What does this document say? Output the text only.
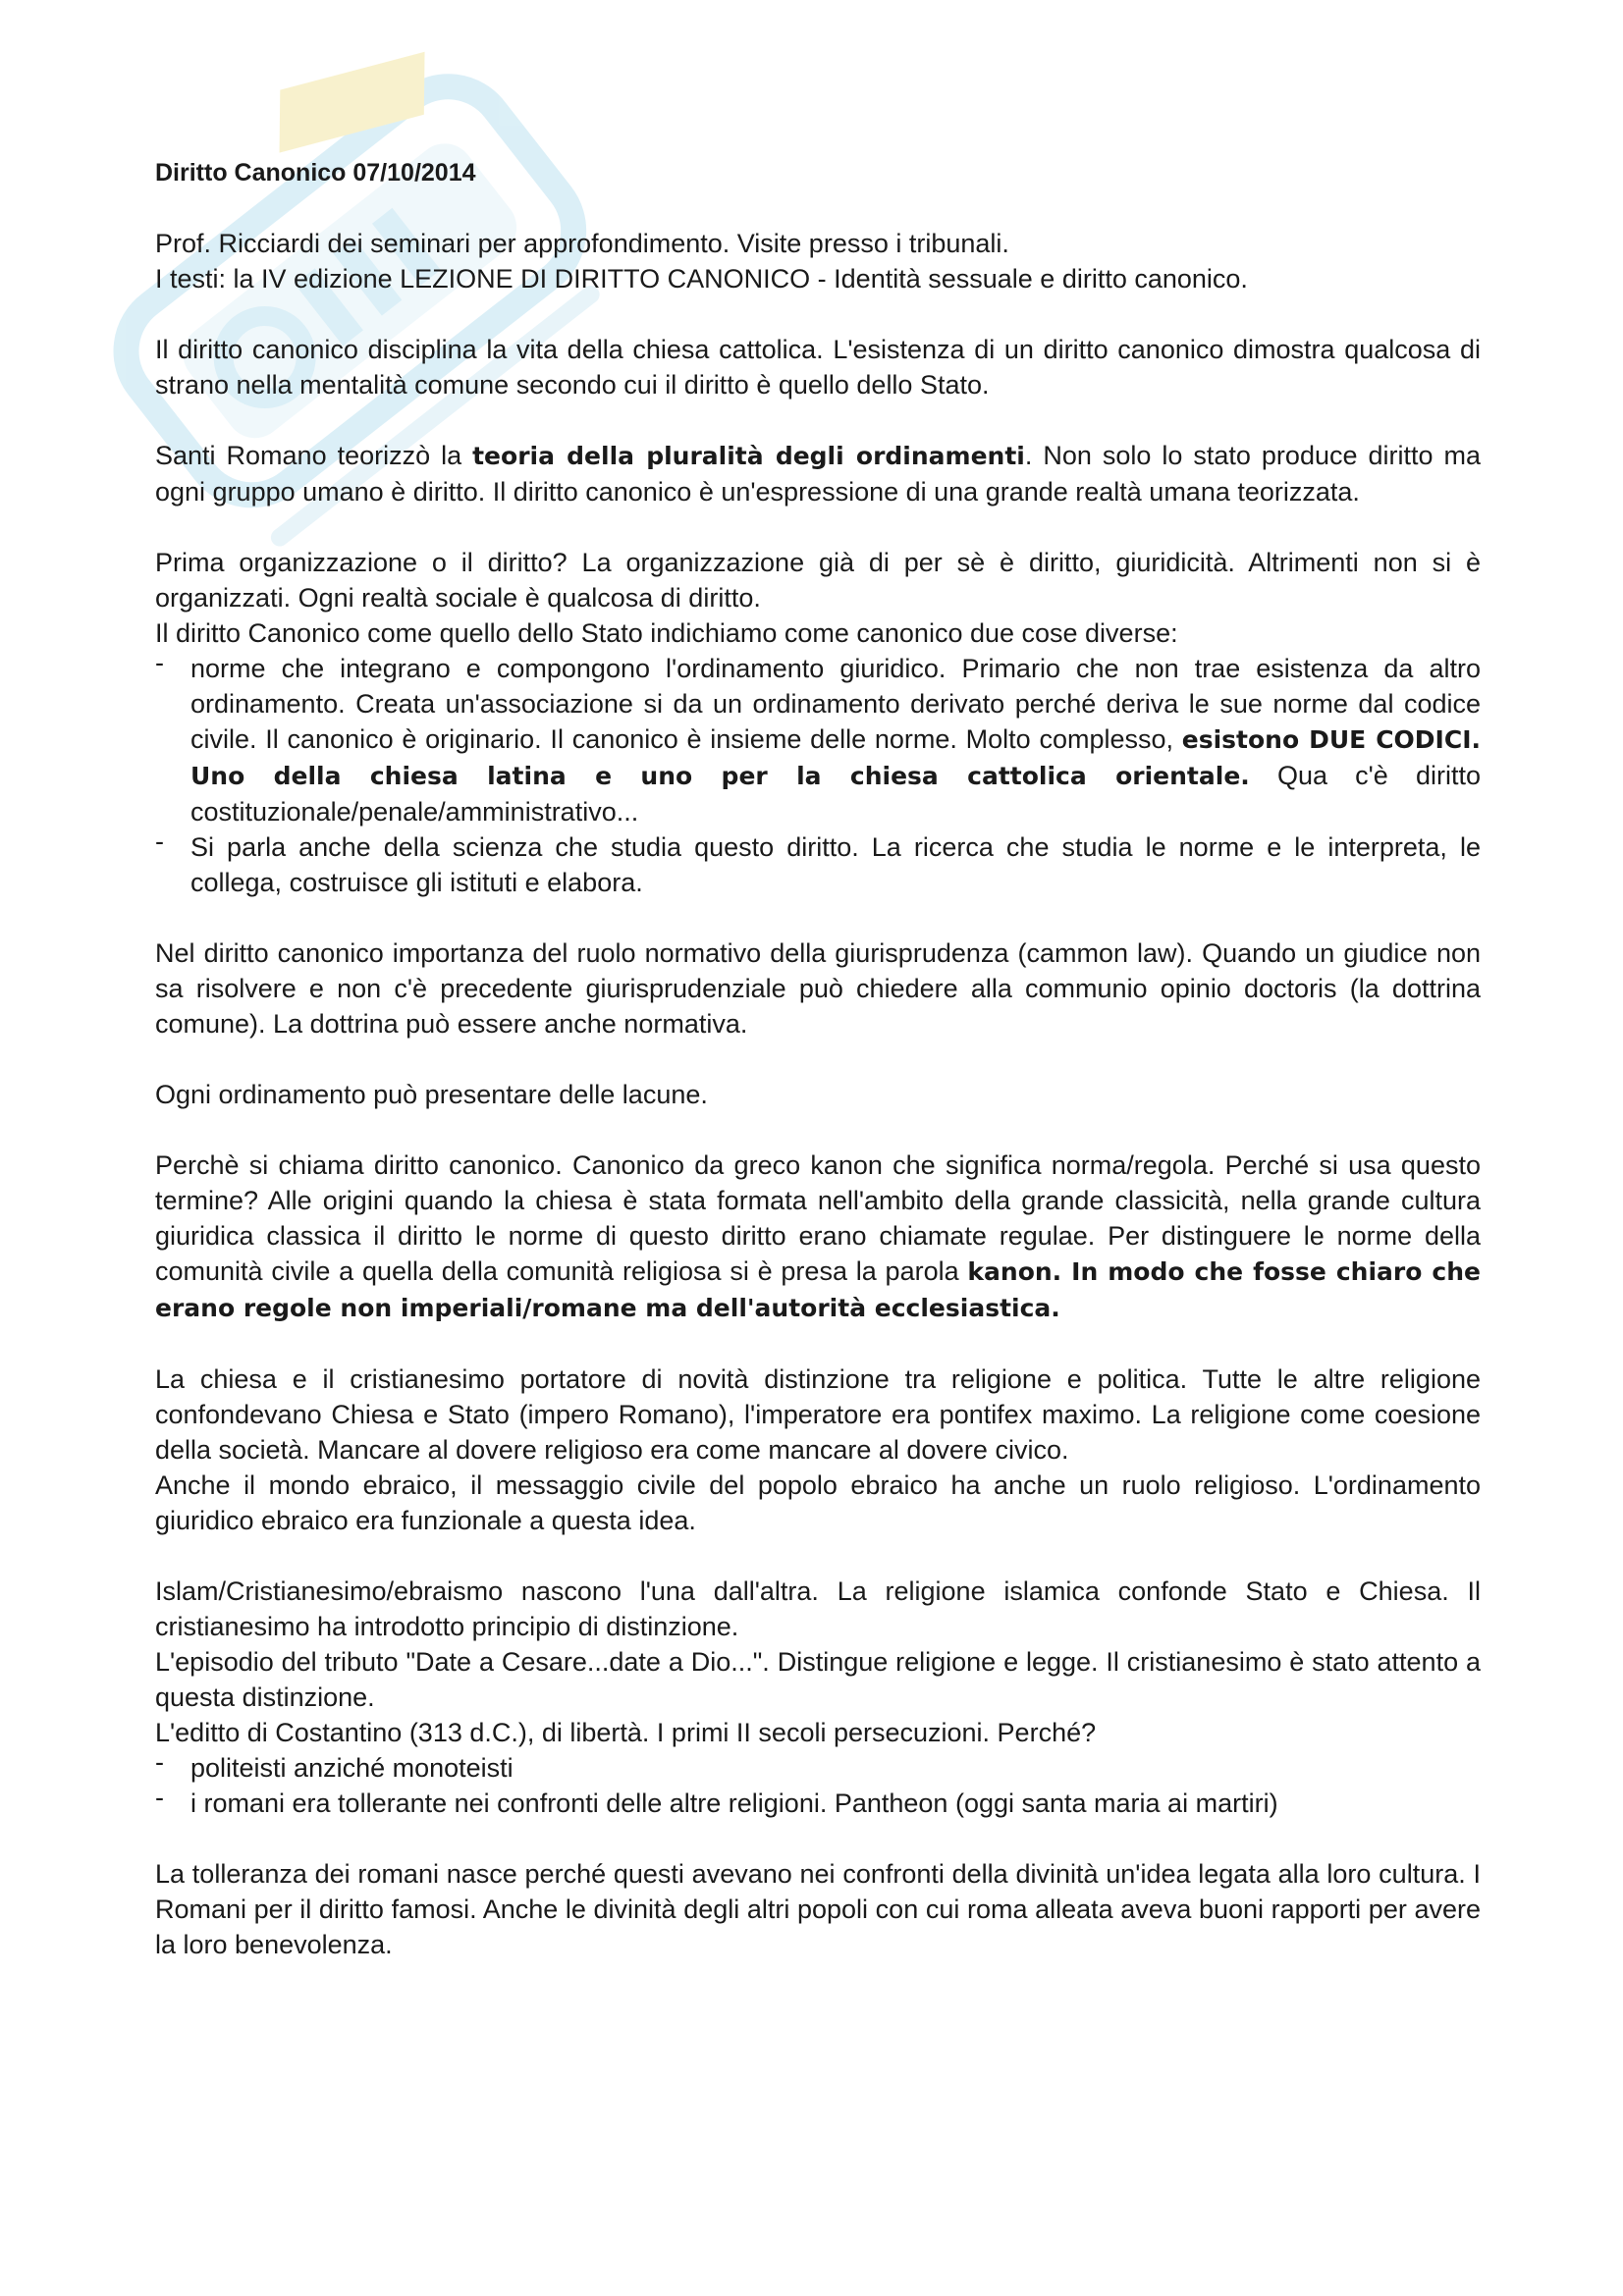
Diritto Canonico 07/10/2014

Prof. Ricciardi dei seminari per approfondimento. Visite presso i tribunali.

I testi: la IV edizione LEZIONE DI DIRITTO CANONICO - Identità sessuale e diritto canonico.

Il diritto canonico disciplina la vita della chiesa cattolica. L'esistenza di un diritto canonico dimostra qualcosa di strano nella mentalità comune secondo cui il diritto è quello dello Stato.

Santi Romano teorizzò la teoria della pluralità degli ordinamenti. Non solo lo stato produce diritto ma ogni gruppo umano è diritto. Il diritto canonico è un'espressione di una grande realtà umana teorizzata.

Prima organizzazione o il diritto? La organizzazione già di per sè è diritto, giuridicità. Altrimenti non si è organizzati. Ogni realtà sociale è qualcosa di diritto.

Il diritto Canonico come quello dello Stato indichiamo come canonico due cose diverse:

- norme che integrano e compongono l'ordinamento giuridico. Primario che non trae esistenza da altro ordinamento. Creata un'associazione si da un ordinamento derivato perché deriva le sue norme dal codice civile. Il canonico è originario. Il canonico è insieme delle norme. Molto complesso, esistono DUE CODICI. Uno della chiesa latina e uno per la chiesa cattolica orientale. Qua c'è diritto costituzionale/penale/amministrativo...
- Si parla anche della scienza che studia questo diritto. La ricerca che studia le norme e le interpreta, le collega, costruisce gli istituti e elabora.

Nel diritto canonico importanza del ruolo normativo della giurisprudenza (cammon law). Quando un giudice non sa risolvere e non c'è precedente giurisprudenziale può chiedere alla communio opinio doctoris (la dottrina comune). La dottrina può essere anche normativa.

Ogni ordinamento può presentare delle lacune.

Perchè si chiama diritto canonico. Canonico da greco kanon che significa norma/regola. Perché si usa questo termine? Alle origini quando la chiesa è stata formata nell'ambito della grande classicità, nella grande cultura giuridica classica il diritto le norme di questo diritto erano chiamate regulae. Per distinguere le norme della comunità civile a quella della comunità religiosa si è presa la parola kanon. In modo che fosse chiaro che erano regole non imperiali/romane ma dell'autorità ecclesiastica.

La chiesa e il cristianesimo portatore di novità distinzione tra religione e politica. Tutte le altre religione confondevano Chiesa e Stato (impero Romano), l'imperatore era pontifex maximo. La religione come coesione della società. Mancare al dovere religioso era come mancare al dovere civico.

Anche il mondo ebraico, il messaggio civile del popolo ebraico ha anche un ruolo religioso. L'ordinamento giuridico ebraico era funzionale a questa idea.

Islam/Cristianesimo/ebraismo nascono l'una dall'altra. La religione islamica confonde Stato e Chiesa. Il cristianesimo ha introdotto principio di distinzione.

L'episodio del tributo "Date a Cesare...date a Dio...". Distingue religione e legge. Il cristianesimo è stato attento a questa distinzione.

L'editto di Costantino (313 d.C.), di libertà. I primi II secoli persecuzioni. Perché?

- politeisti anziché monoteisti
- i romani era tollerante nei confronti delle altre religioni. Pantheon (oggi santa maria ai martiri)

La tolleranza dei romani nasce perché questi avevano nei confronti della divinità un'idea legata alla loro cultura. I Romani per il diritto famosi. Anche le divinità degli altri popoli con cui roma alleata aveva buoni rapporti per avere la loro benevolenza.
